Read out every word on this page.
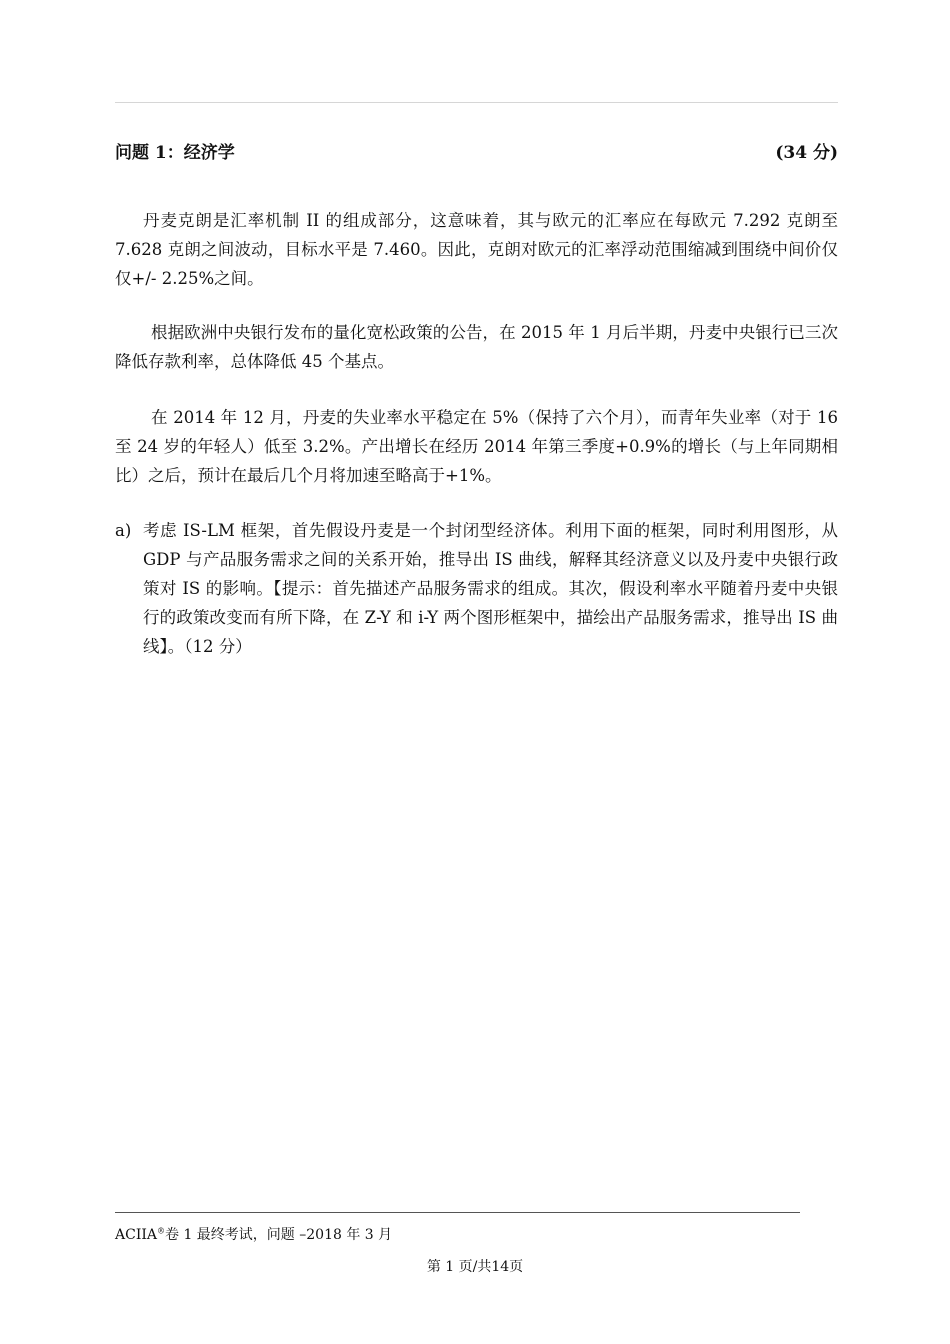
问题 1：经济学	(34 分)

丹麦克朗是汇率机制 II 的组成部分，这意味着，其与欧元的汇率应在每欧元 7.292 克朗至 7.628 克朗之间波动，目标水平是 7.460。因此，克朗对欧元的汇率浮动范围缩减到围绕中间价仅仅+/- 2.25%之间。

根据欧洲中央银行发布的量化宽松政策的公告，在 2015 年 1 月后半期，丹麦中央银行已三次降低存款利率，总体降低 45 个基点。

在 2014 年 12 月，丹麦的失业率水平稳定在 5%（保持了六个月），而青年失业率（对于 16 至 24 岁的年轻人）低至 3.2%。产出增长在经历 2014 年第三季度+0.9%的增长（与上年同期相比）之后，预计在最后几个月将加速至略高于+1%。

a) 考虑 IS-LM 框架，首先假设丹麦是一个封闭型经济体。利用下面的框架，同时利用图形，从 GDP 与产品服务需求之间的关系开始，推导出 IS 曲线，解释其经济意义以及丹麦中央银行政策对 IS 的影响。【提示：首先描述产品服务需求的组成。其次，假设利率水平随着丹麦中央银行的政策改变而有所下降，在 Z-Y 和 i-Y 两个图形框架中，描绘出产品服务需求，推导出 IS 曲线】。（12 分）
ACIIA®卷 1 最终考试，问题 –2018 年 3 月
第 1 页/共14页
